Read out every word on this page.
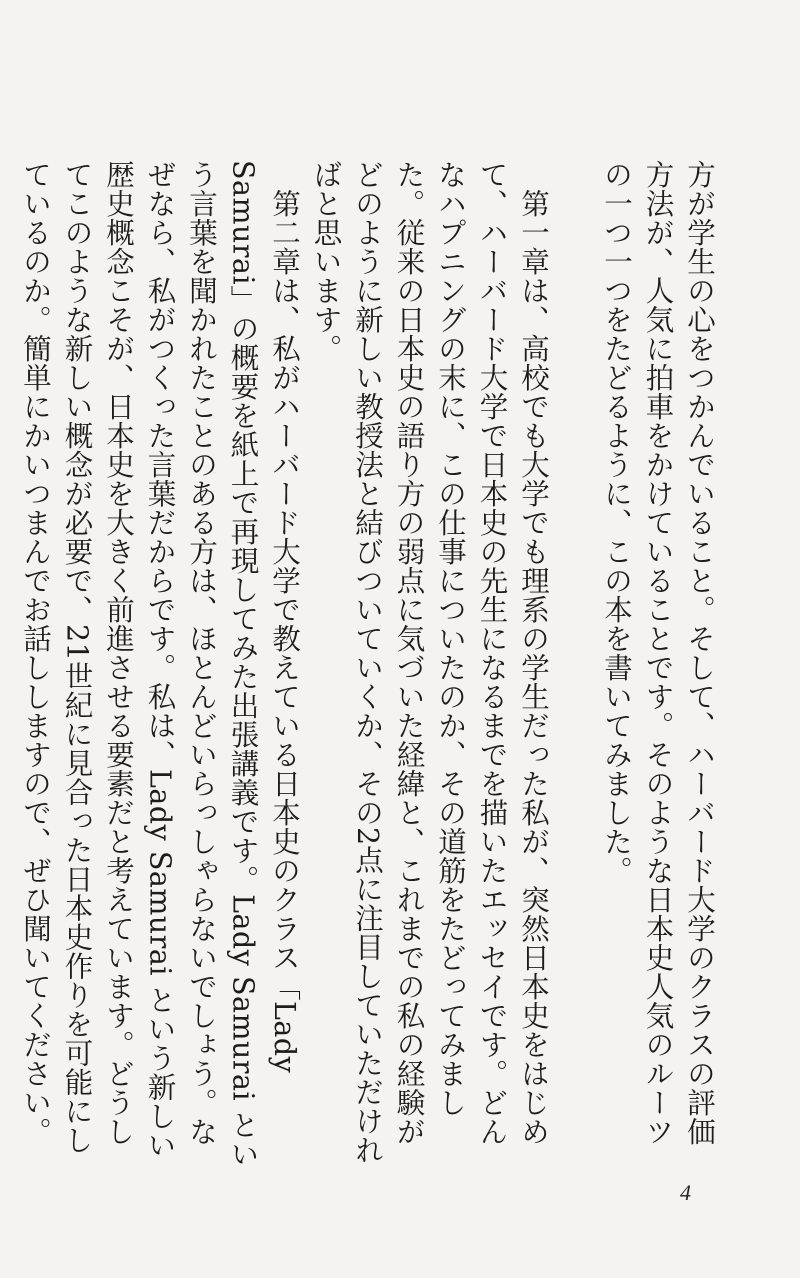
方が学生の心をつかんでいること。そして、ハーバード大学のクラスの評価方法が、人気に拍車をかけていることです。そのような日本史人気のルーツの一つ一つをたどるように、この本を書いてみました。

第一章は、高校でも大学でも理系の学生だった私が、突然日本史をはじめて、ハーバード大学で日本史の先生になるまでを描いたエッセイです。どんなハプニングの末に、この仕事についたのか、その道筋をたどってみました。従来の日本史の語り方の弱点に気づいた経緯と、これまでの私の経験がどのように新しい教授法と結びついていくか、その2点に注目していただければと思います。

第二章は、私がハーバード大学で教えている日本史のクラス「Lady Samurai」の概要を紙上で再現してみた出張講義です。Lady Samurai という言葉を聞かれたことのある方は、ほとんどいらっしゃらないでしょう。なぜなら、私がつくった言葉だからです。私は、Lady Samurai という新しい歴史概念こそが、日本史を大きく前進させる要素だと考えています。どうしてこのような新しい概念が必要で、21世紀に見合った日本史作りを可能にしているのか。簡単にかいつまんでお話ししますので、ぜひ聞いてください。

4
